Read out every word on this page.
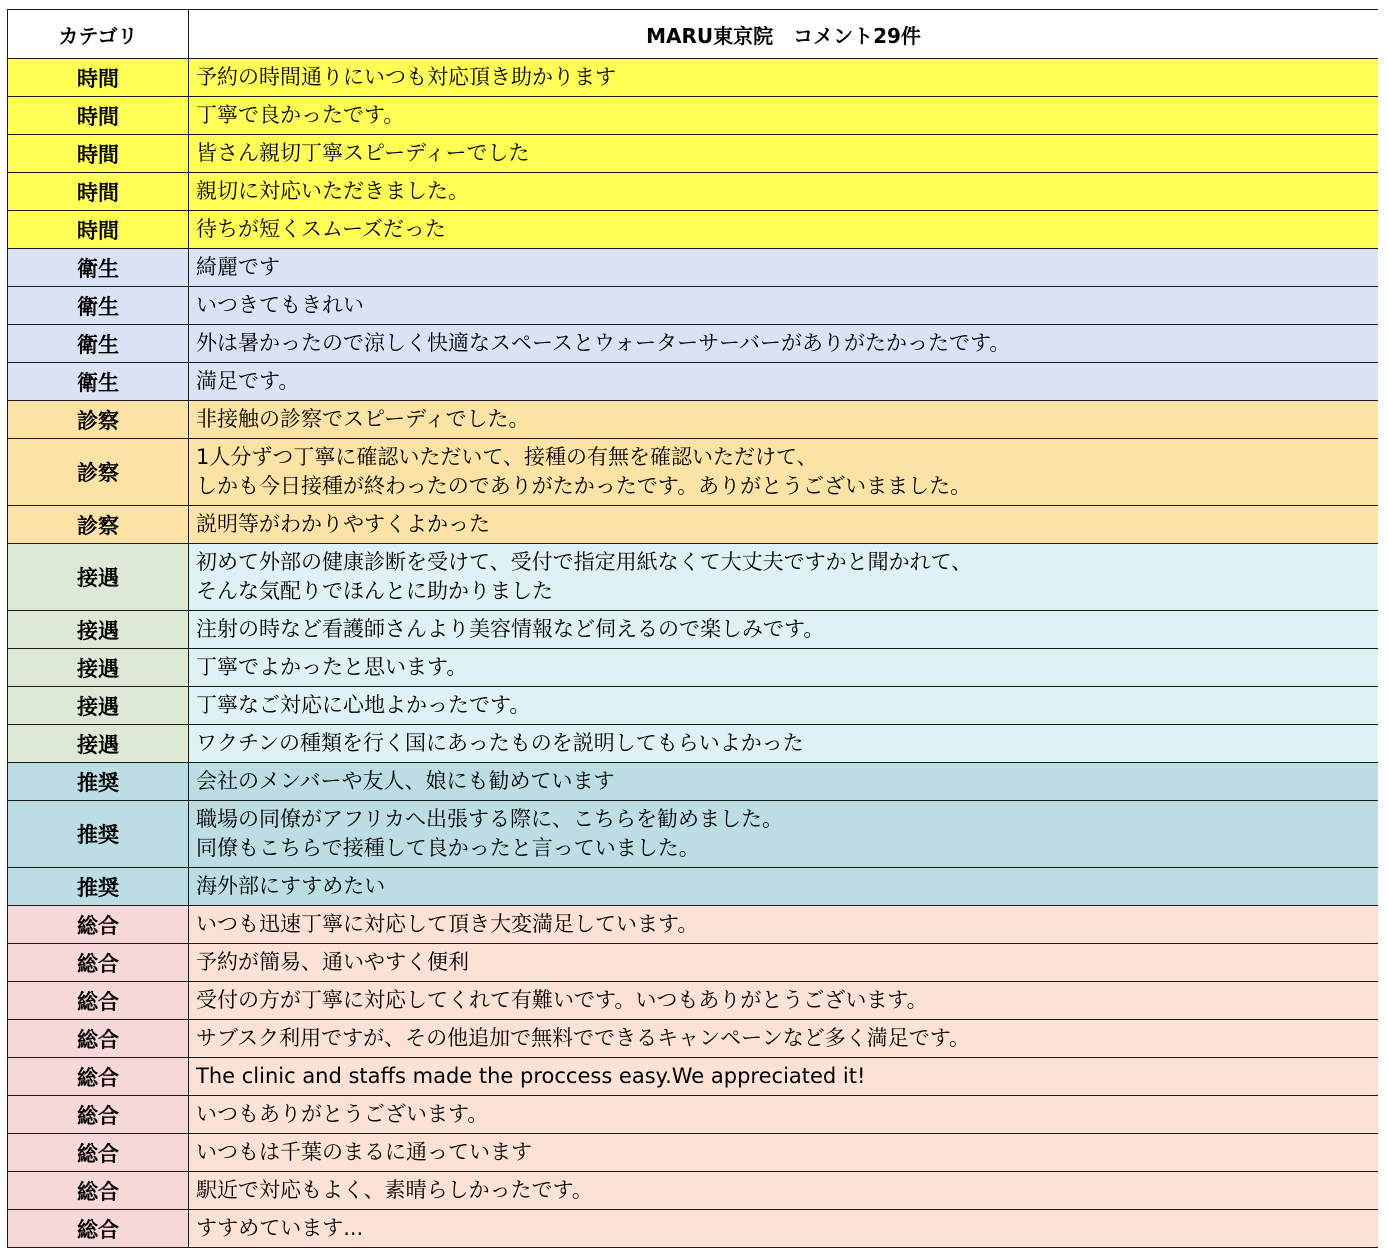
カテゴリ	MARU東京院　コメント29件
時間	予約の時間通りにいつも対応頂き助かります
時間	丁寧で良かったです。
時間	皆さん親切丁寧スピーディーでした
時間	親切に対応いただきました。
時間	待ちが短くスムーズだった
衛生	綺麗です
衛生	いつきてもきれい
衛生	外は暑かったので涼しく快適なスペースとウォーターサーバーがありがたかったです。
衛生	満足です。
診察	非接触の診察でスピーディでした。
診察	1人分ずつ丁寧に確認いただいて、接種の有無を確認いただけて、
しかも今日接種が終わったのでありがたかったです。ありがとうございまました。
診察	説明等がわかりやすくよかった
接遇	初めて外部の健康診断を受けて、受付で指定用紙なくて大丈夫ですかと聞かれて、
そんな気配りでほんとに助かりました
接遇	注射の時など看護師さんより美容情報など伺えるので楽しみです。
接遇	丁寧でよかったと思います。
接遇	丁寧なご対応に心地よかったです。
接遇	ワクチンの種類を行く国にあったものを説明してもらいよかった
推奨	会社のメンバーや友人、娘にも勧めています
推奨	職場の同僚がアフリカへ出張する際に、こちらを勧めました。
同僚もこちらで接種して良かったと言っていました。
推奨	海外部にすすめたい
総合	いつも迅速丁寧に対応して頂き大変満足しています。
総合	予約が簡易、通いやすく便利
総合	受付の方が丁寧に対応してくれて有難いです。いつもありがとうございます。
総合	サブスク利用ですが、その他追加で無料でできるキャンペーンなど多く満足です。
総合	The clinic and staffs made the proccess easy.We appreciated it!
総合	いつもありがとうございます。
総合	いつもは千葉のまるに通っています
総合	駅近で対応もよく、素晴らしかったです。
総合	すすめています...
